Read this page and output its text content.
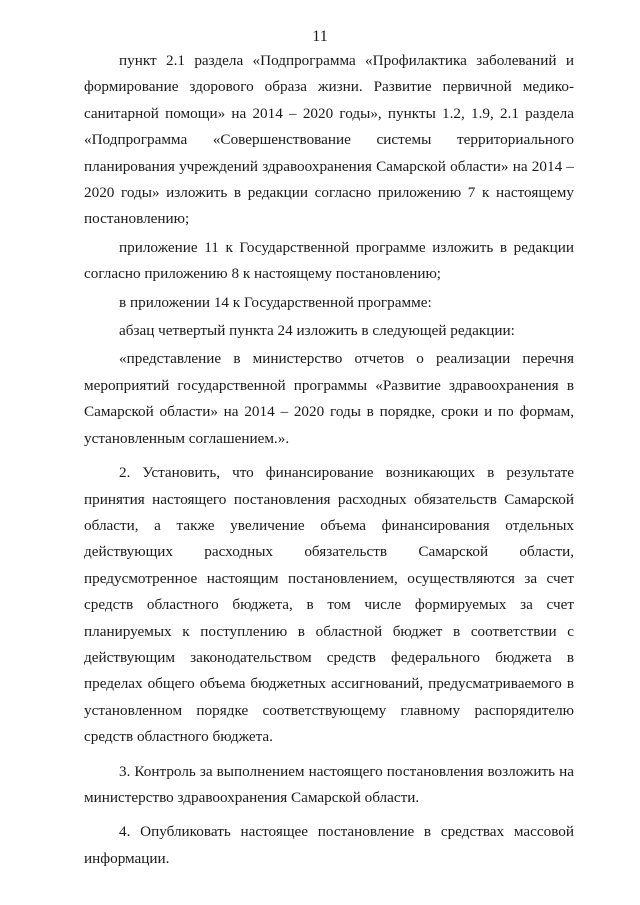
11

пункт 2.1 раздела «Подпрограмма «Профилактика заболеваний и формирование здорового образа жизни. Развитие первичной медико-санитарной помощи» на 2014 – 2020 годы», пункты 1.2, 1.9, 2.1 раздела «Подпрограмма «Совершенствование системы территориального планирования учреждений здравоохранения Самарской области» на 2014 – 2020 годы» изложить в редакции согласно приложению 7 к настоящему постановлению;

приложение 11 к Государственной программе изложить в редакции согласно приложению 8 к настоящему постановлению;

в приложении 14 к Государственной программе:

абзац четвертый пункта 24 изложить в следующей редакции:

«представление в министерство отчетов о реализации перечня мероприятий государственной программы «Развитие здравоохранения в Самарской области» на 2014 – 2020 годы в порядке, сроки и по формам, установленным соглашением.».

2. Установить, что финансирование возникающих в результате принятия настоящего постановления расходных обязательств Самарской области, а также увеличение объема финансирования отдельных действующих расходных обязательств Самарской области, предусмотренное настоящим постановлением, осуществляются за счет средств областного бюджета, в том числе формируемых за счет планируемых к поступлению в областной бюджет в соответствии с действующим законодательством средств федерального бюджета в пределах общего объема бюджетных ассигнований, предусматриваемого в установленном порядке соответствующему главному распорядителю средств областного бюджета.

3. Контроль за выполнением настоящего постановления возложить на министерство здравоохранения Самарской области.

4. Опубликовать настоящее постановление в средствах массовой информации.
